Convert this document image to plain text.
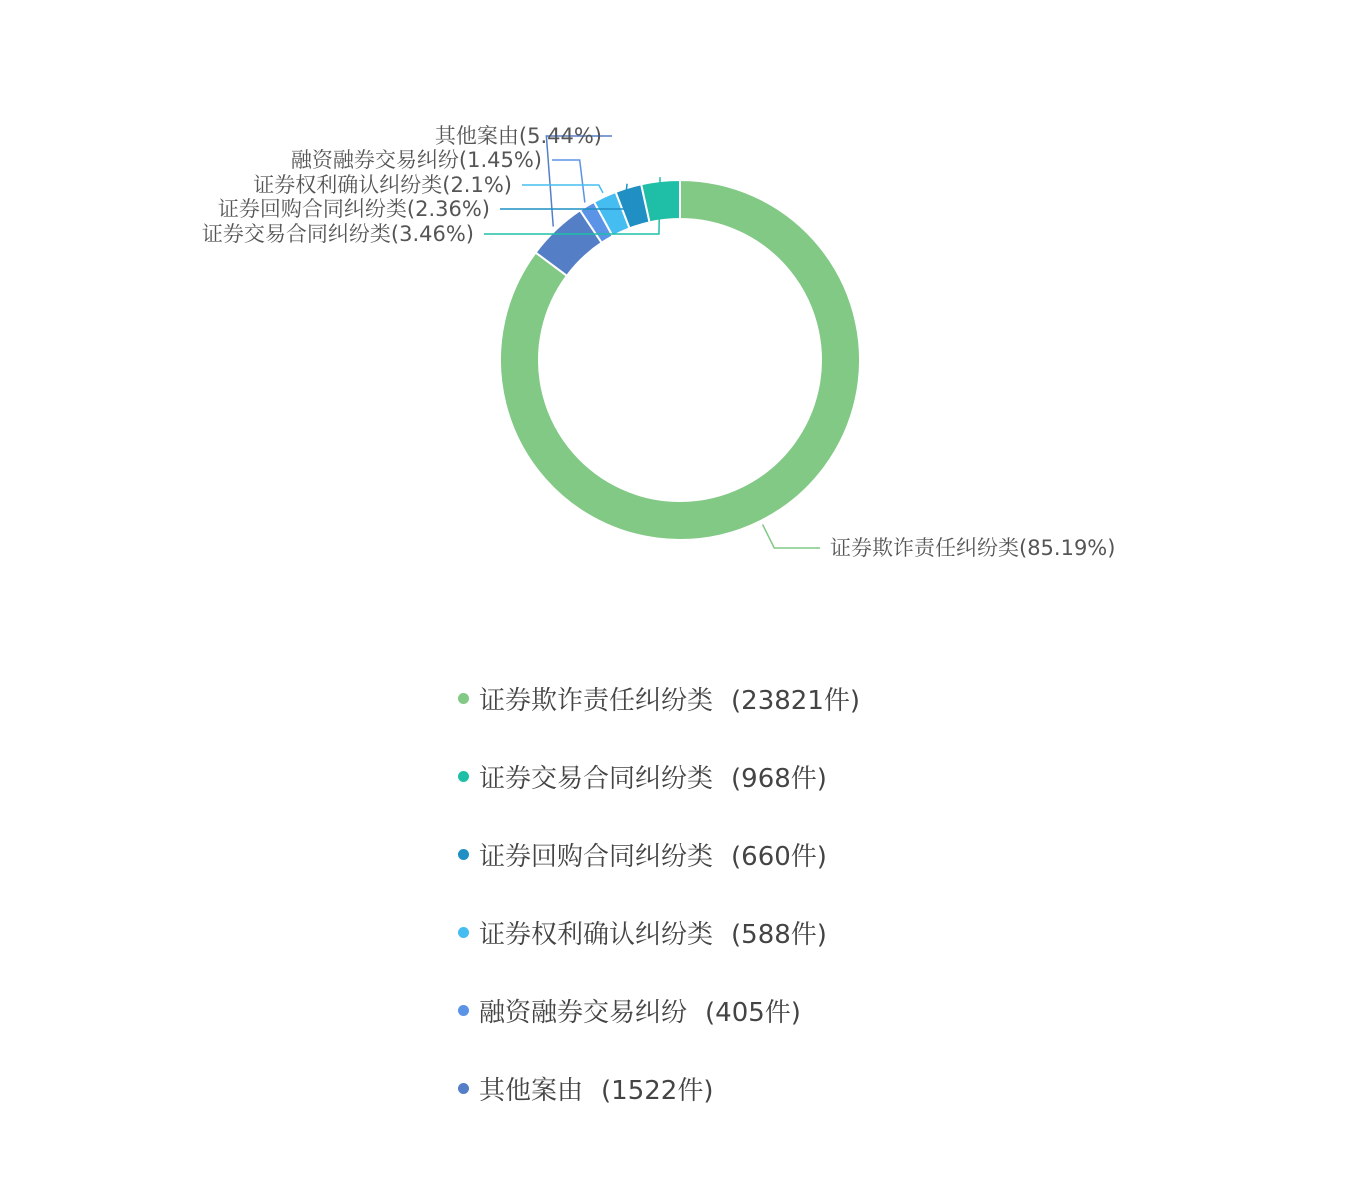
证券欺诈责任纠纷类(85.19%)
其他案由(5.44%)
融资融券交易纠纷(1.45%)
证券权利确认纠纷类(2.1%)
证券回购合同纠纷类(2.36%)
证券交易合同纠纷类(3.46%)
证券欺诈责任纠纷类 (23821件)
证券交易合同纠纷类 (968件)
证券回购合同纠纷类 (660件)
证券权利确认纠纷类 (588件)
融资融券交易纠纷 (405件)
其他案由 (1522件)
